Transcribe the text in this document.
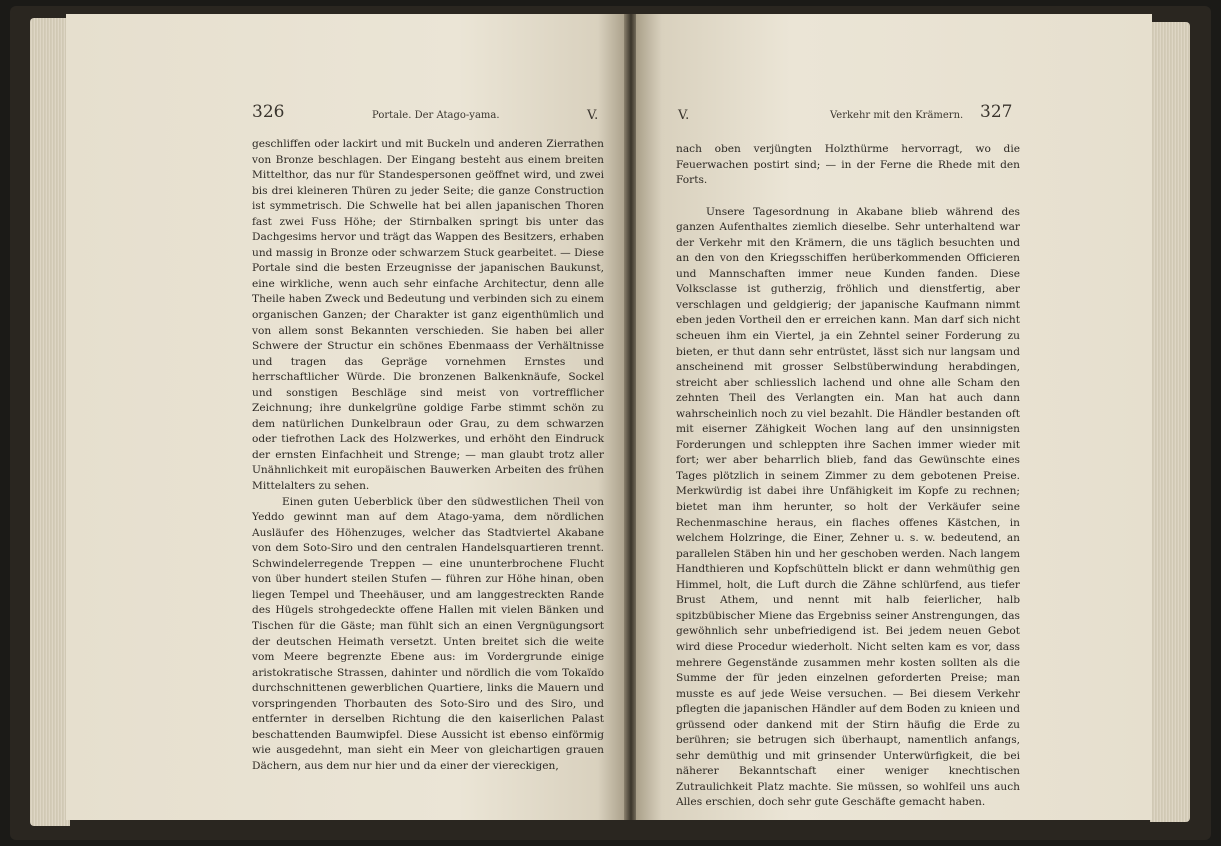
326	Portale. Der Atago-yama.	V.

geschliffen oder lackirt und mit Buckeln und anderen Zierrathen von Bronze beschlagen. Der Eingang besteht aus einem breiten Mittelthor, das nur für Standespersonen geöffnet wird, und zwei bis drei kleineren Thüren zu jeder Seite; die ganze Construction ist symmetrisch. Die Schwelle hat bei allen japanischen Thoren fast zwei Fuss Höhe; der Stirnbalken springt bis unter das Dachgesims hervor und trägt das Wappen des Besitzers, erhaben und massig in Bronze oder schwarzem Stuck gearbeitet. — Diese Portale sind die besten Erzeugnisse der japanischen Baukunst, eine wirkliche, wenn auch sehr einfache Architectur, denn alle Theile haben Zweck und Bedeutung und verbinden sich zu einem organischen Ganzen; der Charakter ist ganz eigenthümlich und von allem sonst Bekannten verschieden. Sie haben bei aller Schwere der Structur ein schönes Ebenmaass der Verhältnisse und tragen das Gepräge vornehmen Ernstes und herrschaftlicher Würde. Die bronzenen Balkenknäufe, Sockel und sonstigen Beschläge sind meist von vortrefflicher Zeichnung; ihre dunkelgrüne goldige Farbe stimmt schön zu dem natürlichen Dunkelbraun oder Grau, zu dem schwarzen oder tiefrothen Lack des Holzwerkes, und erhöht den Eindruck der ernsten Einfachheit und Strenge; — man glaubt trotz aller Unähnlichkeit mit europäischen Bauwerken Arbeiten des frühen Mittelalters zu sehen.

Einen guten Ueberblick über den südwestlichen Theil von Yeddo gewinnt man auf dem Atago-yama, dem nördlichen Ausläufer des Höhenzuges, welcher das Stadtviertel Akabane von dem Soto-Siro und den centralen Handelsquartieren trennt. Schwindelerregende Treppen — eine ununterbrochene Flucht von über hundert steilen Stufen — führen zur Höhe hinan, oben liegen Tempel und Theehäuser, und am langgestreckten Rande des Hügels strohgedeckte offene Hallen mit vielen Bänken und Tischen für die Gäste; man fühlt sich an einen Vergnügungsort der deutschen Heimath versetzt. Unten breitet sich die weite vom Meere begrenzte Ebene aus: im Vordergrunde einige aristokratische Strassen, dahinter und nördlich die vom Tokaïdo durchschnittenen gewerblichen Quartiere, links die Mauern und vorspringenden Thorbauten des Soto-Siro und des Siro, und entfernter in derselben Richtung die den kaiserlichen Palast beschattenden Baumwipfel. Diese Aussicht ist ebenso einförmig wie ausgedehnt, man sieht ein Meer von gleichartigen grauen Dächern, aus dem nur hier und da einer der viereckigen,

V.	Verkehr mit den Krämern. 327

nach oben verjüngten Holzthürme hervorragt, wo die Feuerwachen postirt sind; — in der Ferne die Rhede mit den Forts.

Unsere Tagesordnung in Akabane blieb während des ganzen Aufenthaltes ziemlich dieselbe. Sehr unterhaltend war der Verkehr mit den Krämern, die uns täglich besuchten und an den von den Kriegsschiffen herüberkommenden Officieren und Mannschaften immer neue Kunden fanden. Diese Volksclasse ist gutherzig, fröhlich und dienstfertig, aber verschlagen und geldgierig; der japanische Kaufmann nimmt eben jeden Vortheil den er erreichen kann. Man darf sich nicht scheuen ihm ein Viertel, ja ein Zehntel seiner Forderung zu bieten, er thut dann sehr entrüstet, lässt sich nur langsam und anscheinend mit grosser Selbstüberwindung herabdingen, streicht aber schliesslich lachend und ohne alle Scham den zehnten Theil des Verlangten ein. Man hat auch dann wahrscheinlich noch zu viel bezahlt. Die Händler bestanden oft mit eiserner Zähigkeit Wochen lang auf den unsinnigsten Forderungen und schleppten ihre Sachen immer wieder mit fort; wer aber beharrlich blieb, fand das Gewünschte eines Tages plötzlich in seinem Zimmer zu dem gebotenen Preise. Merkwürdig ist dabei ihre Unfähigkeit im Kopfe zu rechnen; bietet man ihm herunter, so holt der Verkäufer seine Rechenmaschine heraus, ein flaches offenes Kästchen, in welchem Holzringe, die Einer, Zehner u. s. w. bedeutend, an parallelen Stäben hin und her geschoben werden. Nach langem Handthieren und Kopfschütteln blickt er dann wehmüthig gen Himmel, holt, die Luft durch die Zähne schlürfend, aus tiefer Brust Athem, und nennt mit halb feierlicher, halb spitzbübischer Miene das Ergebniss seiner Anstrengungen, das gewöhnlich sehr unbefriedigend ist. Bei jedem neuen Gebot wird diese Procedur wiederholt. Nicht selten kam es vor, dass mehrere Gegenstände zusammen mehr kosten sollten als die Summe der für jeden einzelnen geforderten Preise; man musste es auf jede Weise versuchen. — Bei diesem Verkehr pflegten die japanischen Händler auf dem Boden zu knieen und grüssend oder dankend mit der Stirn häufig die Erde zu berühren; sie betrugen sich überhaupt, namentlich anfangs, sehr demüthig und mit grinsender Unterwürfigkeit, die bei näherer Bekanntschaft einer weniger knechtischen Zutraulichkeit Platz machte. Sie müssen, so wohlfeil uns auch Alles erschien, doch sehr gute Geschäfte gemacht haben.
